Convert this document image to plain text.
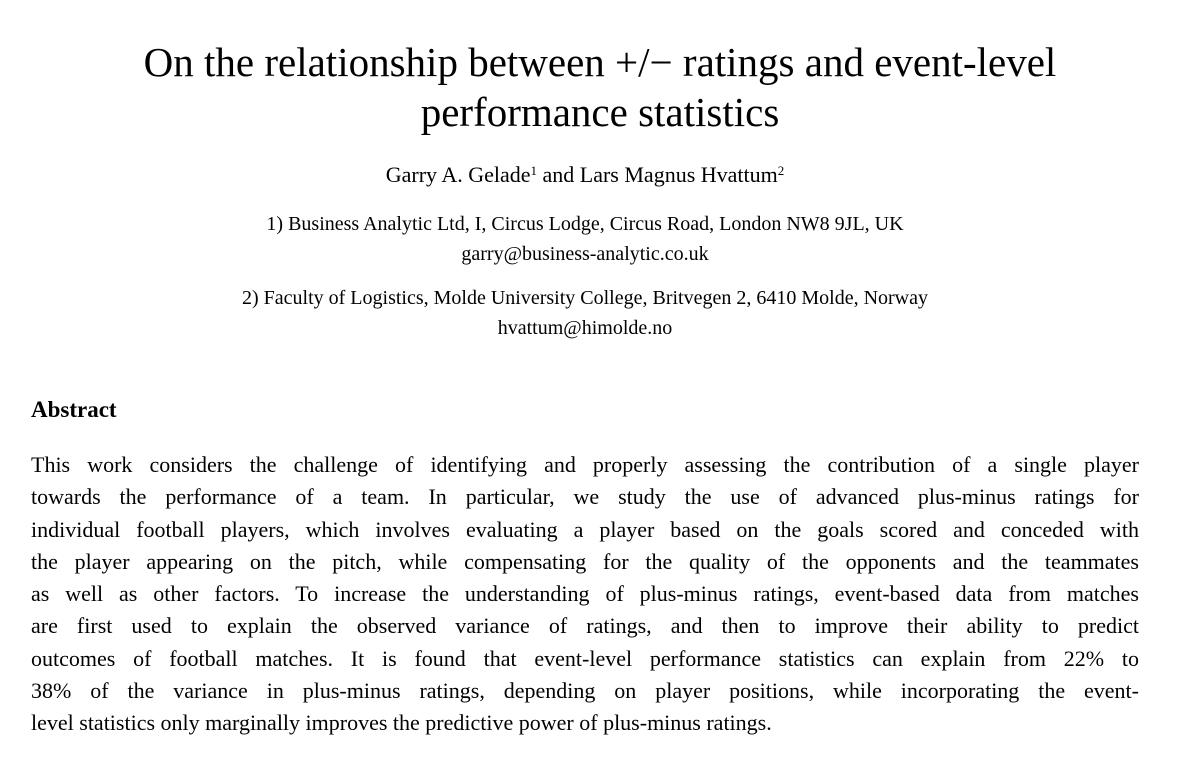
On the relationship between +/− ratings and event-level
performance statistics
Garry A. Gelade$^1$ and Lars Magnus Hvattum$^2$
1) Business Analytic Ltd, I, Circus Lodge, Circus Road, London NW8 9JL, UK
garry@business-analytic.co.uk
2) Faculty of Logistics, Molde University College, Britvegen 2, 6410 Molde, Norway
hvattum@himolde.no
Abstract
This work considers the challenge of identifying and properly assessing the contribution of a single player
towards the performance of a team. In particular, we study the use of advanced plus-minus ratings for
individual football players, which involves evaluating a player based on the goals scored and conceded with
the player appearing on the pitch, while compensating for the quality of the opponents and the teammates
as well as other factors. To increase the understanding of plus-minus ratings, event-based data from matches
are first used to explain the observed variance of ratings, and then to improve their ability to predict
outcomes of football matches. It is found that event-level performance statistics can explain from 22% to
38% of the variance in plus-minus ratings, depending on player positions, while incorporating the event-
level statistics only marginally improves the predictive power of plus-minus ratings.
